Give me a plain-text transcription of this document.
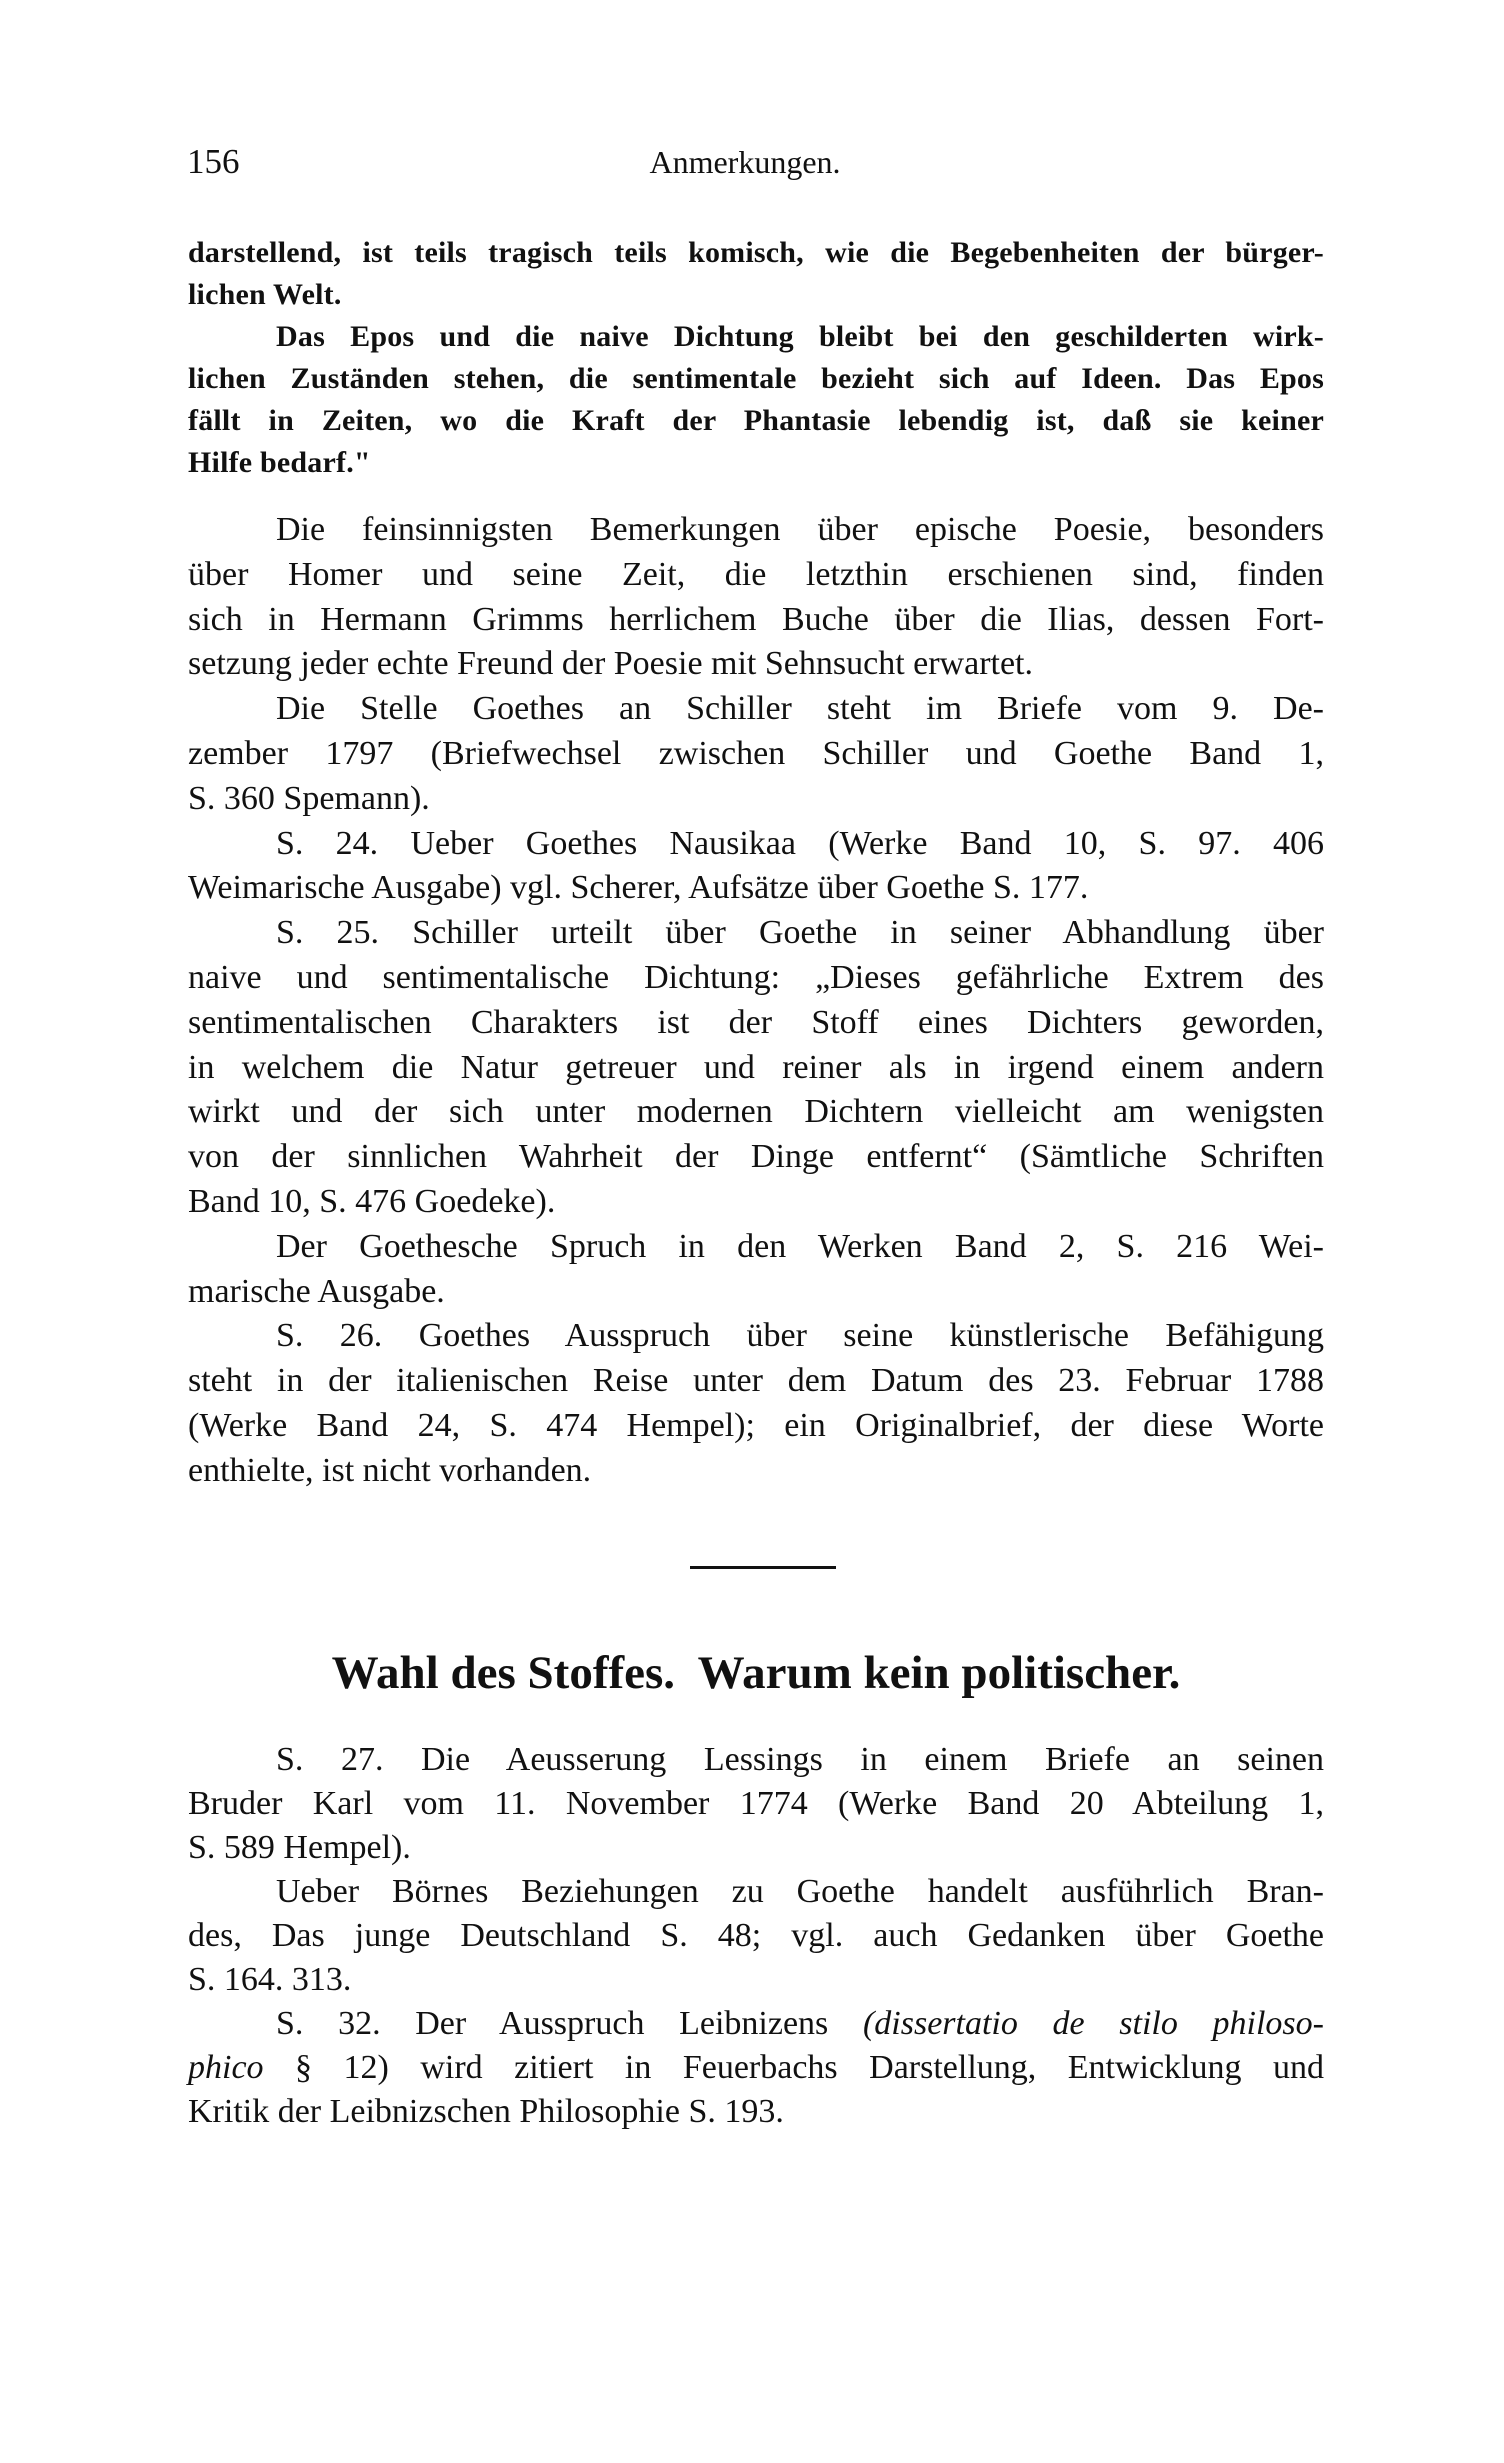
156	Anmerkungen.
darstellend, ist teils tragisch teils komisch, wie die Begebenheiten der bürger-
lichen Welt.
Das Epos und die naive Dichtung bleibt bei den geschilderten wirk-
lichen Zuständen stehen, die sentimentale bezieht sich auf Ideen. Das Epos
fällt in Zeiten, wo die Kraft der Phantasie lebendig ist, daß sie keiner
Hilfe bedarf."
Die feinsinnigsten Bemerkungen über epische Poesie, besonders
über Homer und seine Zeit, die letzthin erschienen sind, finden
sich in Hermann Grimms herrlichem Buche über die Ilias, dessen Fort-
setzung jeder echte Freund der Poesie mit Sehnsucht erwartet.
Die Stelle Goethes an Schiller steht im Briefe vom 9. De-
zember 1797 (Briefwechsel zwischen Schiller und Goethe Band 1,
S. 360 Spemann).
S. 24. Ueber Goethes Nausikaa (Werke Band 10, S. 97. 406
Weimarische Ausgabe) vgl. Scherer, Aufsätze über Goethe S. 177.
S. 25. Schiller urteilt über Goethe in seiner Abhandlung über
naive und sentimentalische Dichtung: „Dieses gefährliche Extrem des
sentimentalischen Charakters ist der Stoff eines Dichters geworden,
in welchem die Natur getreuer und reiner als in irgend einem andern
wirkt und der sich unter modernen Dichtern vielleicht am wenigsten
von der sinnlichen Wahrheit der Dinge entfernt“ (Sämtliche Schriften
Band 10, S. 476 Goedeke).
Der Goethesche Spruch in den Werken Band 2, S. 216 Wei-
marische Ausgabe.
S. 26. Goethes Ausspruch über seine künstlerische Befähigung
steht in der italienischen Reise unter dem Datum des 23. Februar 1788
(Werke Band 24, S. 474 Hempel); ein Originalbrief, der diese Worte
enthielte, ist nicht vorhanden.
Wahl des Stoffes.  Warum kein politischer.
S. 27. Die Aeusserung Lessings in einem Briefe an seinen
Bruder Karl vom 11. November 1774 (Werke Band 20 Abteilung 1,
S. 589 Hempel).
Ueber Börnes Beziehungen zu Goethe handelt ausführlich Bran-
des, Das junge Deutschland S. 48; vgl. auch Gedanken über Goethe
S. 164. 313.
S. 32. Der Ausspruch Leibnizens (dissertatio de stilo philoso-
phico § 12) wird zitiert in Feuerbachs Darstellung, Entwicklung und
Kritik der Leibnizschen Philosophie S. 193.
